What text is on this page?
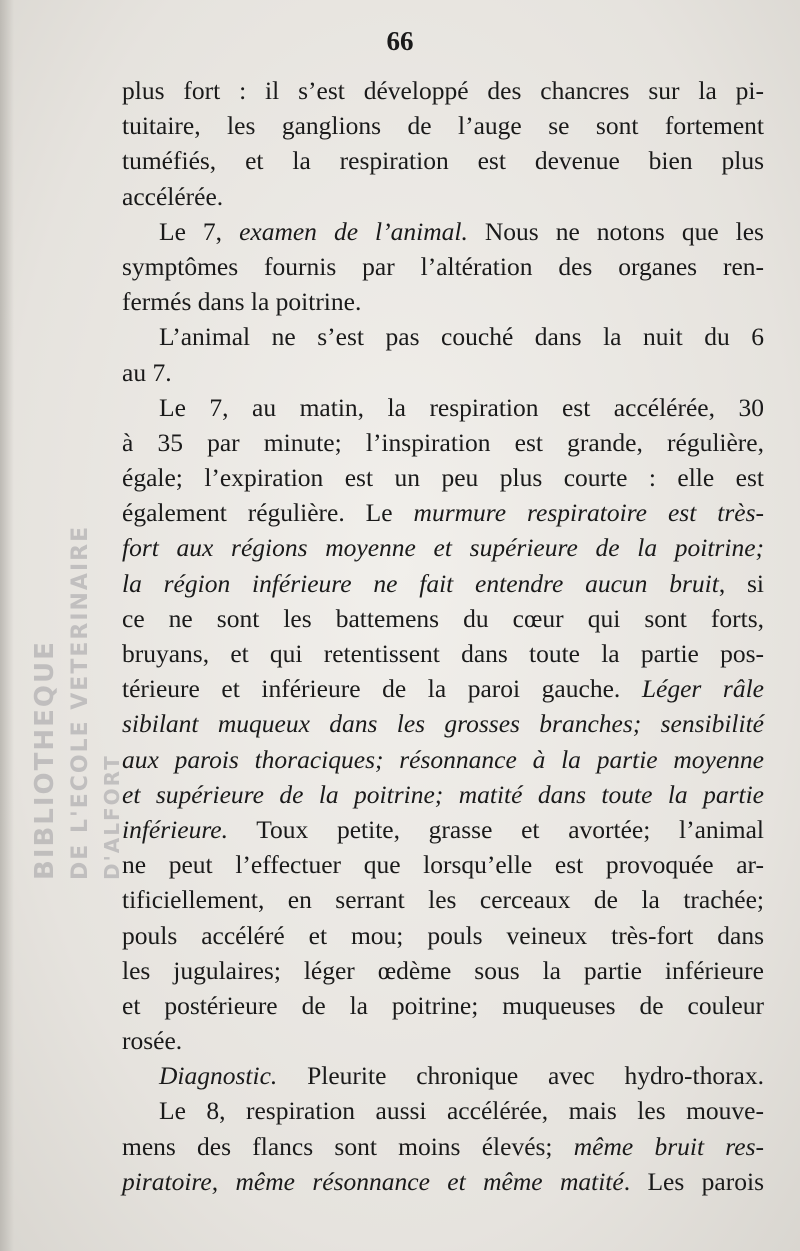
BIBLIOTHEQUE DE L'ECOLE VETERINAIRE D'ALFORT
66
plus fort : il s’est développé des chancres sur la pi-
tuitaire, les ganglions de l’auge se sont fortement
tuméfiés, et la respiration est devenue bien plus
accélérée.
Le 7, examen de l’animal. Nous ne notons que les
symptômes fournis par l’altération des organes ren-
fermés dans la poitrine.
L’animal ne s’est pas couché dans la nuit du 6
au 7.
Le 7, au matin, la respiration est accélérée, 30
à 35 par minute; l’inspiration est grande, régulière,
égale; l’expiration est un peu plus courte : elle est
également régulière. Le murmure respiratoire est très-
fort aux régions moyenne et supérieure de la poitrine;
la région inférieure ne fait entendre aucun bruit, si
ce ne sont les battemens du cœur qui sont forts,
bruyans, et qui retentissent dans toute la partie pos-
térieure et inférieure de la paroi gauche. Léger râle
sibilant muqueux dans les grosses branches; sensibilité
aux parois thoraciques; résonnance à la partie moyenne
et supérieure de la poitrine; matité dans toute la partie
inférieure. Toux petite, grasse et avortée; l’animal
ne peut l’effectuer que lorsqu’elle est provoquée ar-
tificiellement, en serrant les cerceaux de la trachée;
pouls accéléré et mou; pouls veineux très-fort dans
les jugulaires; léger œdème sous la partie inférieure
et postérieure de la poitrine; muqueuses de couleur
rosée.
Diagnostic. Pleurite chronique avec hydro-thorax.
Le 8, respiration aussi accélérée, mais les mouve-
mens des flancs sont moins élevés; même bruit res-
piratoire, même résonnance et même matité. Les parois
